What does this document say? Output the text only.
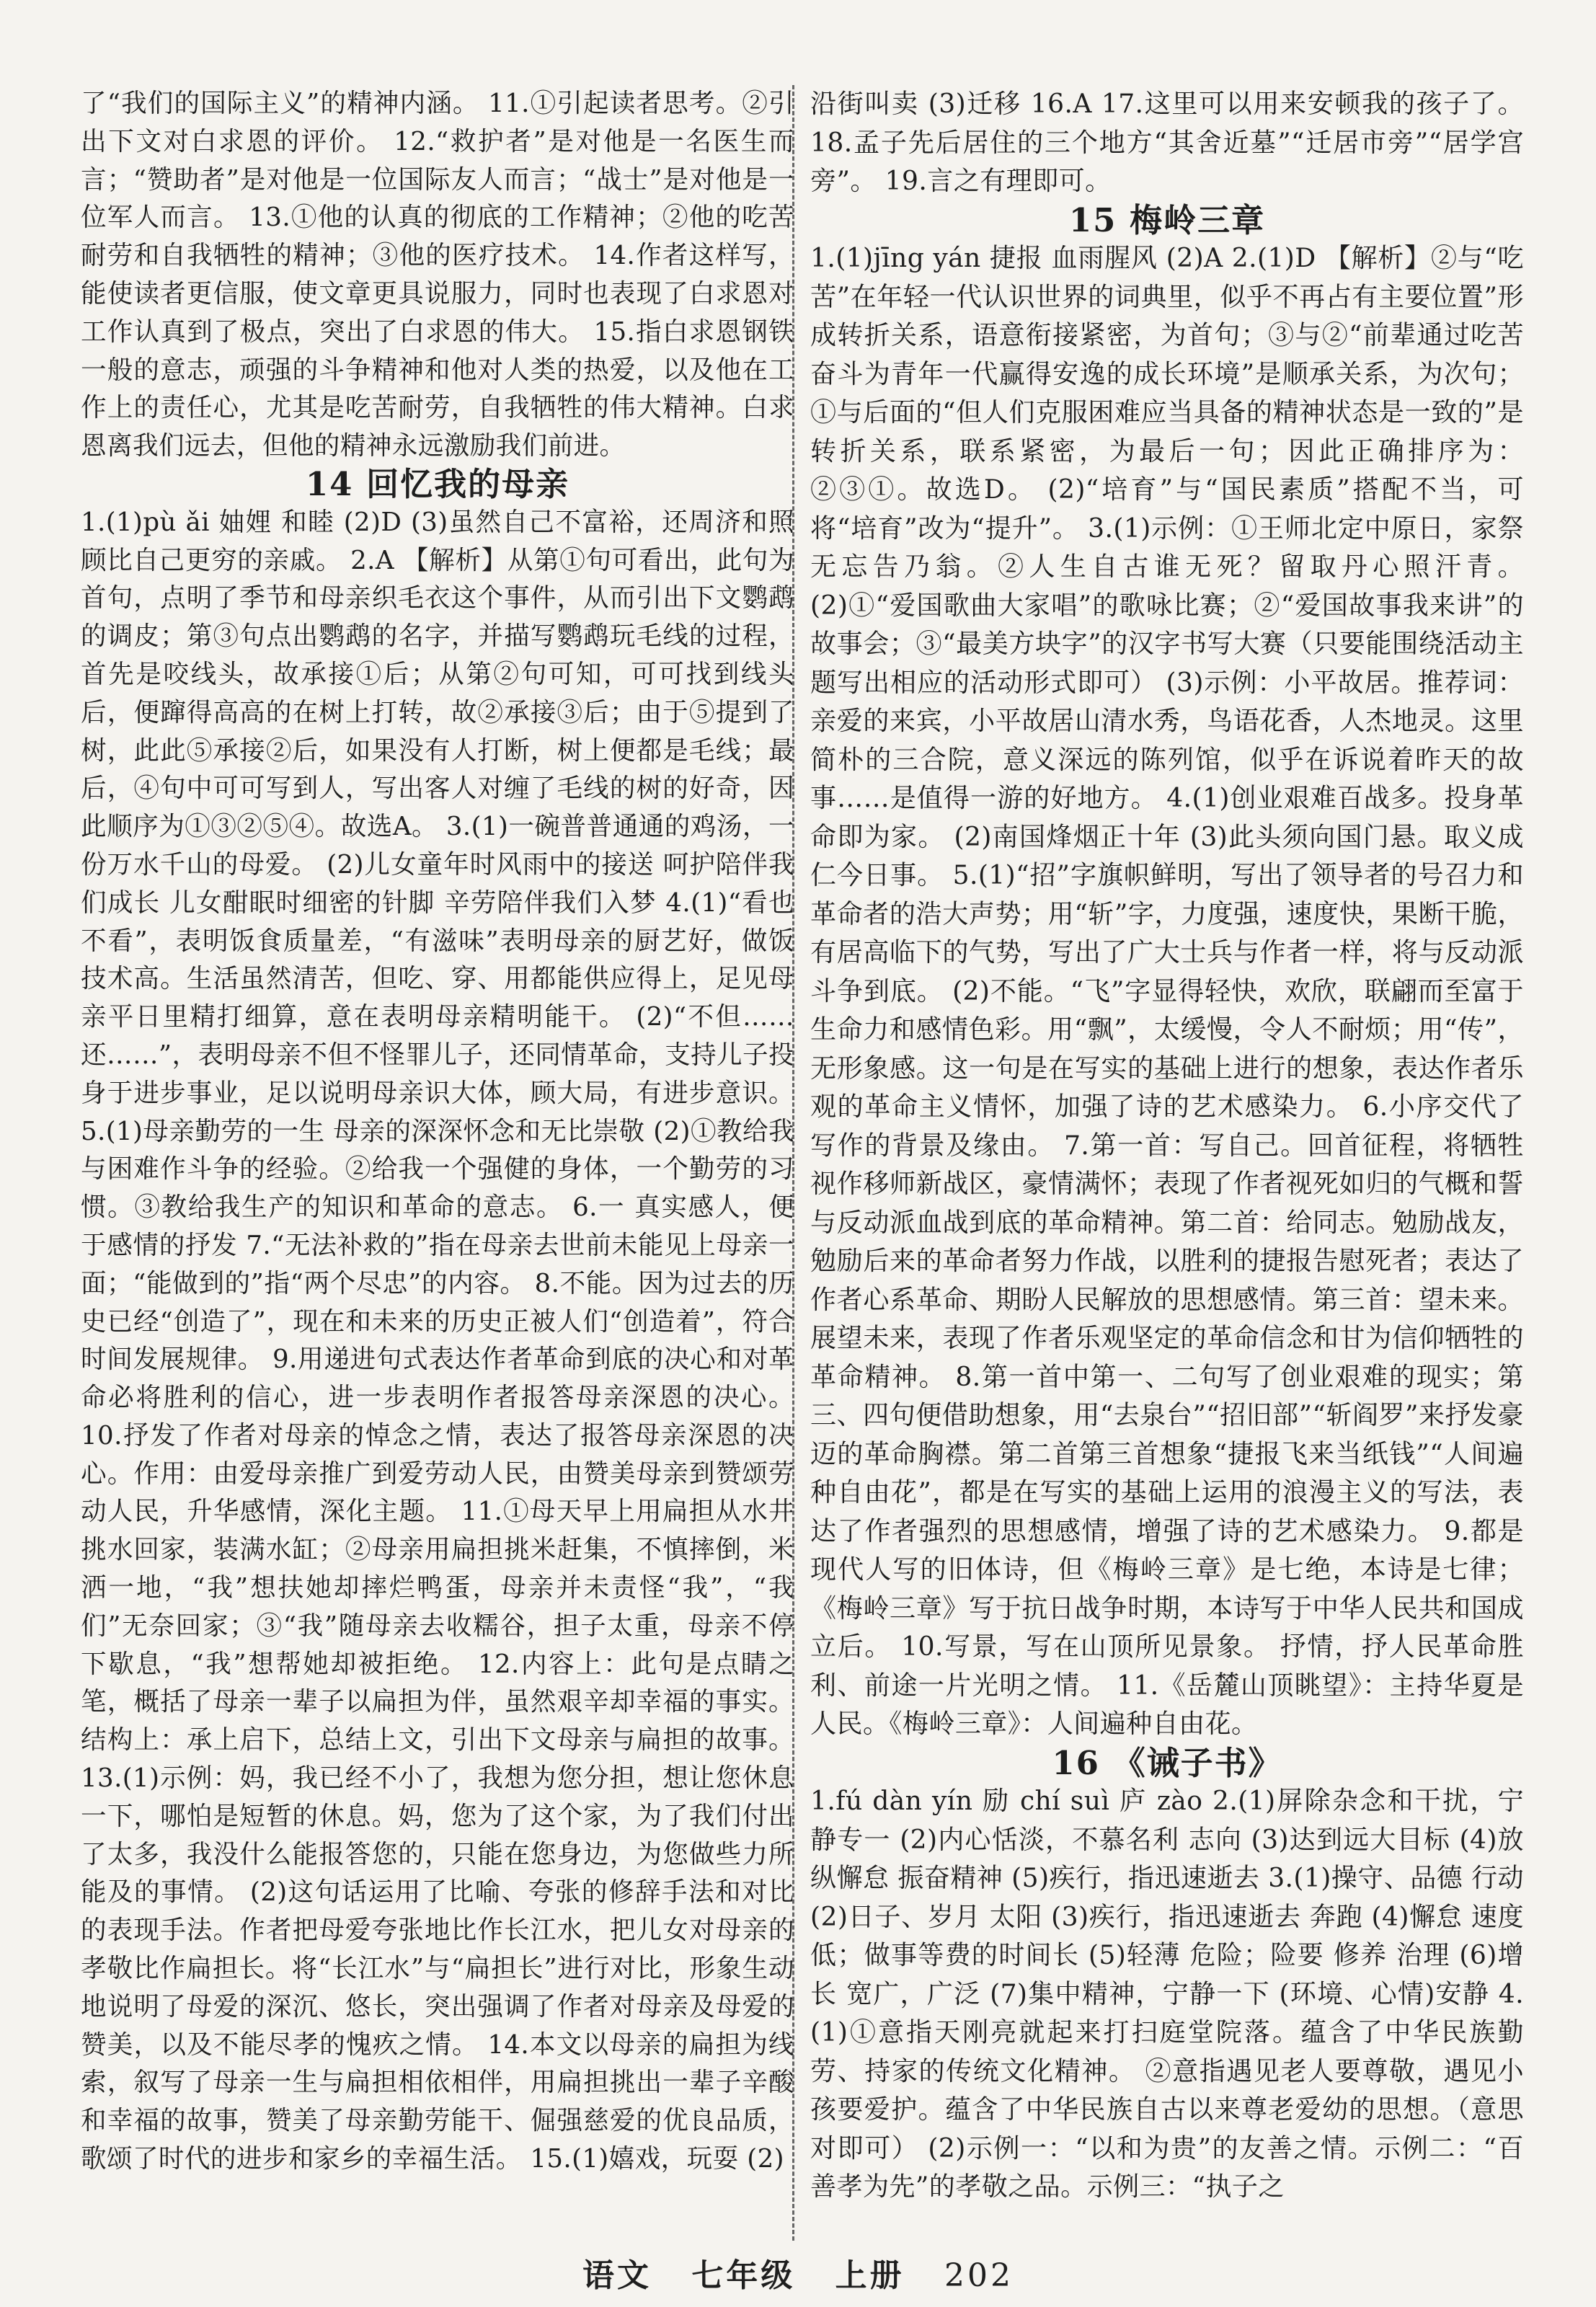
了“我们的国际主义”的精神内涵。 11.①引起读者思考。②引出下文对白求恩的评价。 12.“救护者”是对他是一名医生而言；“赞助者”是对他是一位国际友人而言；“战士”是对他是一位军人而言。 13.①他的认真的彻底的工作精神；②他的吃苦耐劳和自我牺牲的精神；③他的医疗技术。 14.作者这样写，能使读者更信服，使文章更具说服力，同时也表现了白求恩对工作认真到了极点，突出了白求恩的伟大。 15.指白求恩钢铁一般的意志，顽强的斗争精神和他对人类的热爱，以及他在工作上的责任心，尤其是吃苦耐劳，自我牺牲的伟大精神。白求恩离我们远去，但他的精神永远激励我们前进。

14 回忆我的母亲

1.(1)pù ǎi 妯娌 和睦 (2)D (3)虽然自己不富裕，还周济和照顾比自己更穷的亲戚。 2.A 【解析】从第①句可看出，此句为首句，点明了季节和母亲织毛衣这个事件，从而引出下文鹦鹉的调皮；第③句点出鹦鹉的名字，并描写鹦鹉玩毛线的过程，首先是咬线头，故承接①后；从第②句可知，可可找到线头后，便蹿得高高的在树上打转，故②承接③后；由于⑤提到了树，此此⑤承接②后，如果没有人打断，树上便都是毛线；最后，④句中可可写到人，写出客人对缠了毛线的树的好奇，因此顺序为①③②⑤④。故选A。 3.(1)一碗普普通通的鸡汤，一份万水千山的母爱。 (2)儿女童年时风雨中的接送 呵护陪伴我们成长 儿女酣眠时细密的针脚 辛劳陪伴我们入梦 4.(1)“看也不看”，表明饭食质量差，“有滋味”表明母亲的厨艺好，做饭技术高。生活虽然清苦，但吃、穿、用都能供应得上，足见母亲平日里精打细算，意在表明母亲精明能干。 (2)“不但……还……”，表明母亲不但不怪罪儿子，还同情革命，支持儿子投身于进步事业，足以说明母亲识大体，顾大局，有进步意识。 5.(1)母亲勤劳的一生 母亲的深深怀念和无比崇敬 (2)①教给我与困难作斗争的经验。②给我一个强健的身体，一个勤劳的习惯。③教给我生产的知识和革命的意志。 6.一 真实感人，便于感情的抒发 7.“无法补救的”指在母亲去世前未能见上母亲一面；“能做到的”指“两个尽忠”的内容。 8.不能。因为过去的历史已经“创造了”，现在和未来的历史正被人们“创造着”，符合时间发展规律。 9.用递进句式表达作者革命到底的决心和对革命必将胜利的信心，进一步表明作者报答母亲深恩的决心。 10.抒发了作者对母亲的悼念之情，表达了报答母亲深恩的决心。作用：由爱母亲推广到爱劳动人民，由赞美母亲到赞颂劳动人民，升华感情，深化主题。 11.①母天早上用扁担从水井挑水回家，装满水缸；②母亲用扁担挑米赶集，不慎摔倒，米洒一地，“我”想扶她却摔烂鸭蛋，母亲并未责怪“我”，“我们”无奈回家；③“我”随母亲去收糯谷，担子太重，母亲不停下歇息，“我”想帮她却被拒绝。 12.内容上：此句是点睛之笔，概括了母亲一辈子以扁担为伴，虽然艰辛却幸福的事实。结构上：承上启下，总结上文，引出下文母亲与扁担的故事。 13.(1)示例：妈，我已经不小了，我想为您分担，想让您休息一下，哪怕是短暂的休息。妈，您为了这个家，为了我们付出了太多，我没什么能报答您的，只能在您身边，为您做些力所能及的事情。 (2)这句话运用了比喻、夸张的修辞手法和对比的表现手法。作者把母爱夸张地比作长江水，把儿女对母亲的孝敬比作扁担长。将“长江水”与“扁担长”进行对比，形象生动地说明了母爱的深沉、悠长，突出强调了作者对母亲及母爱的赞美，以及不能尽孝的愧疚之情。 14.本文以母亲的扁担为线索，叙写了母亲一生与扁担相依相伴，用扁担挑出一辈子辛酸和幸福的故事，赞美了母亲勤劳能干、倔强慈爱的优良品质，歌颂了时代的进步和家乡的幸福生活。 15.(1)嬉戏，玩耍 (2)

沿街叫卖 (3)迁移 16.A 17.这里可以用来安顿我的孩子了。 18.孟子先后居住的三个地方“其舍近墓”“迁居市旁”“居学宫旁”。 19.言之有理即可。

15 梅岭三章

1.(1)jīng yán 捷报 血雨腥风 (2)A 2.(1)D 【解析】②与“吃苦”在年轻一代认识世界的词典里，似乎不再占有主要位置”形成转折关系，语意衔接紧密，为首句；③与②“前辈通过吃苦奋斗为青年一代赢得安逸的成长环境”是顺承关系，为次句；①与后面的“但人们克服困难应当具备的精神状态是一致的”是转折关系，联系紧密，为最后一句；因此正确排序为：②③①。故选D。 (2)“培育”与“国民素质”搭配不当，可将“培育”改为“提升”。 3.(1)示例：①王师北定中原日，家祭无忘告乃翁。②人生自古谁无死？留取丹心照汗青。 (2)①“爱国歌曲大家唱”的歌咏比赛；②“爱国故事我来讲”的故事会；③“最美方块字”的汉字书写大赛（只要能围绕活动主题写出相应的活动形式即可） (3)示例：小平故居。推荐词：亲爱的来宾，小平故居山清水秀，鸟语花香，人杰地灵。这里简朴的三合院，意义深远的陈列馆，似乎在诉说着昨天的故事……是值得一游的好地方。 4.(1)创业艰难百战多。投身革命即为家。 (2)南国烽烟正十年 (3)此头须向国门悬。取义成仁今日事。 5.(1)“招”字旗帜鲜明，写出了领导者的号召力和革命者的浩大声势；用“斩”字，力度强，速度快，果断干脆，有居高临下的气势，写出了广大士兵与作者一样，将与反动派斗争到底。 (2)不能。“飞”字显得轻快，欢欣，联翩而至富于生命力和感情色彩。用“飘”，太缓慢，令人不耐烦；用“传”，无形象感。这一句是在写实的基础上进行的想象，表达作者乐观的革命主义情怀，加强了诗的艺术感染力。 6.小序交代了写作的背景及缘由。 7.第一首：写自己。回首征程，将牺牲视作移师新战区，豪情满怀；表现了作者视死如归的气概和誓与反动派血战到底的革命精神。第二首：给同志。勉励战友，勉励后来的革命者努力作战，以胜利的捷报告慰死者；表达了作者心系革命、期盼人民解放的思想感情。第三首：望未来。展望未来，表现了作者乐观坚定的革命信念和甘为信仰牺牲的革命精神。 8.第一首中第一、二句写了创业艰难的现实；第三、四句便借助想象，用“去泉台”“招旧部”“斩阎罗”来抒发豪迈的革命胸襟。第二首第三首想象“捷报飞来当纸钱”“人间遍种自由花”，都是在写实的基础上运用的浪漫主义的写法，表达了作者强烈的思想感情，增强了诗的艺术感染力。 9.都是现代人写的旧体诗，但《梅岭三章》是七绝，本诗是七律；《梅岭三章》写于抗日战争时期，本诗写于中华人民共和国成立后。 10.写景，写在山顶所见景象。 抒情，抒人民革命胜利、前途一片光明之情。 11.《岳麓山顶眺望》：主持华夏是人民。《梅岭三章》：人间遍种自由花。

16 《诫子书》

1.fú dàn yín 励 chí suì 庐 zào 2.(1)屏除杂念和干扰，宁静专一 (2)内心恬淡，不慕名利 志向 (3)达到远大目标 (4)放纵懈怠 振奋精神 (5)疾行，指迅速逝去 3.(1)操守、品德 行动 (2)日子、岁月 太阳 (3)疾行，指迅速逝去 奔跑 (4)懈怠 速度低；做事等费的时间长 (5)轻薄 危险；险要 修养 治理 (6)增长 宽广，广泛 (7)集中精神，宁静一下 (环境、心情)安静 4.(1)①意指天刚亮就起来打扫庭堂院落。蕴含了中华民族勤劳、持家的传统文化精神。 ②意指遇见老人要尊敬，遇见小孩要爱护。蕴含了中华民族自古以来尊老爱幼的思想。（意思对即可） (2)示例一：“以和为贵”的友善之情。示例二：“百善孝为先”的孝敬之品。示例三：“执子之

语文 七年级 上册 202
